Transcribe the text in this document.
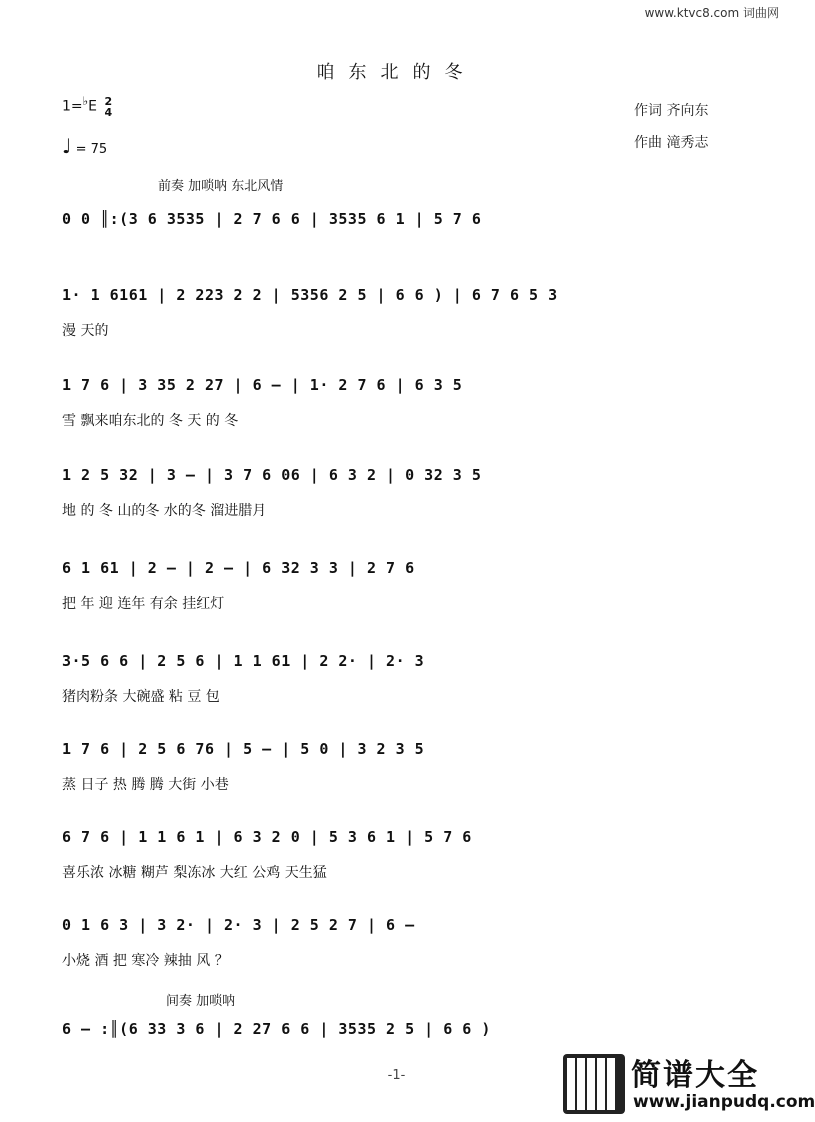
www.ktvc8.com 词曲网
咱东北的冬
1=♭E 2
4
♩ = 75
作词 齐向东
作曲 滝秀志
前奏 加唢呐 东北风情
0 0 ║:(3 6 3535 | 2 7 6 6 | 3535 6 1 | 5 7 6
1· 1 6161 | 2 223 2 2 | 5356 2 5 | 6 6 ) | 6 7 6 5 3
漫 天的
1 7 6 | 3 35 2 27 | 6 – | 1· 2 7 6 | 6 3 5
雪 飘来咱东北的 冬 天 的 冬
1 2 5 32 | 3 – | 3 7 6 06 | 6 3 2 | 0 32 3 5
地 的 冬 山的冬 水的冬 溜进腊月
6 1 61 | 2 – | 2 – | 6 32 3 3 | 2 7 6
把 年 迎 连年 有余 挂红灯
3·5 6 6 | 2 5 6 | 1 1 61 | 2 2· | 2· 3
猪肉粉条 大碗盛 粘 豆 包
1 7 6 | 2 5 6 76 | 5 – | 5 0 | 3 2 3 5
蒸 日子 热 腾 腾 大街 小巷
6 7 6 | 1 1 6 1 | 6 3 2 0 | 5 3 6 1 | 5 7 6
喜乐浓 冰糖 糊芦 梨冻冰 大红 公鸡 天生猛
0 1 6 3 | 3 2· | 2· 3 | 2 5 2 7 | 6 –
小烧 酒 把 寒冷 辣抽 风 ？
间奏 加唢呐
6 – :║(6 33 3 6 | 2 27 6 6 | 3535 2 5 | 6 6 )
-1-	简谱大全
www.jianpudq.com
